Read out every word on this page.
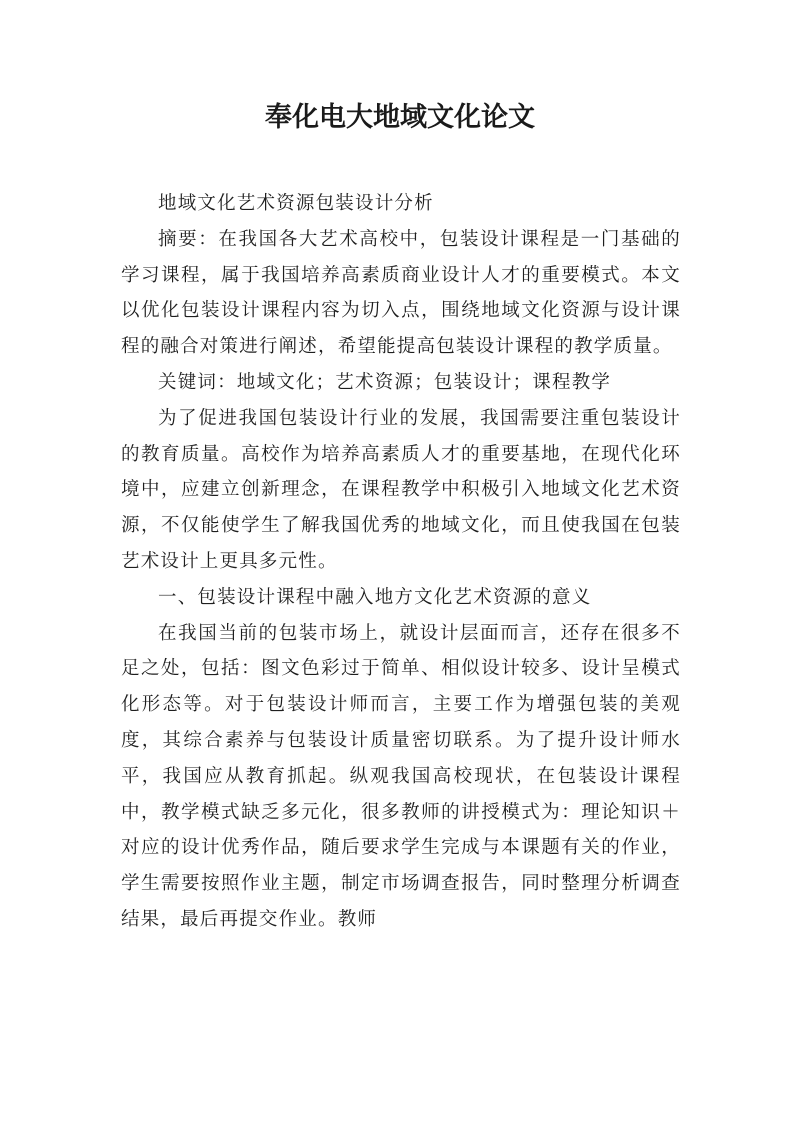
奉化电大地域文化论文

地域文化艺术资源包装设计分析

摘要：在我国各大艺术高校中，包装设计课程是一门基础的学习课程，属于我国培养高素质商业设计人才的重要模式。本文以优化包装设计课程内容为切入点，围绕地域文化资源与设计课程的融合对策进行阐述，希望能提高包装设计课程的教学质量。

关键词：地域文化；艺术资源；包装设计；课程教学

为了促进我国包装设计行业的发展，我国需要注重包装设计的教育质量。高校作为培养高素质人才的重要基地，在现代化环境中，应建立创新理念，在课程教学中积极引入地域文化艺术资源，不仅能使学生了解我国优秀的地域文化，而且使我国在包装艺术设计上更具多元性。

一、包装设计课程中融入地方文化艺术资源的意义

在我国当前的包装市场上，就设计层面而言，还存在很多不足之处，包括：图文色彩过于简单、相似设计较多、设计呈模式化形态等。对于包装设计师而言，主要工作为增强包装的美观度，其综合素养与包装设计质量密切联系。为了提升设计师水平，我国应从教育抓起。纵观我国高校现状，在包装设计课程中，教学模式缺乏多元化，很多教师的讲授模式为：理论知识＋对应的设计优秀作品，随后要求学生完成与本课题有关的作业，学生需要按照作业主题，制定市场调查报告，同时整理分析调查结果，最后再提交作业。教师
